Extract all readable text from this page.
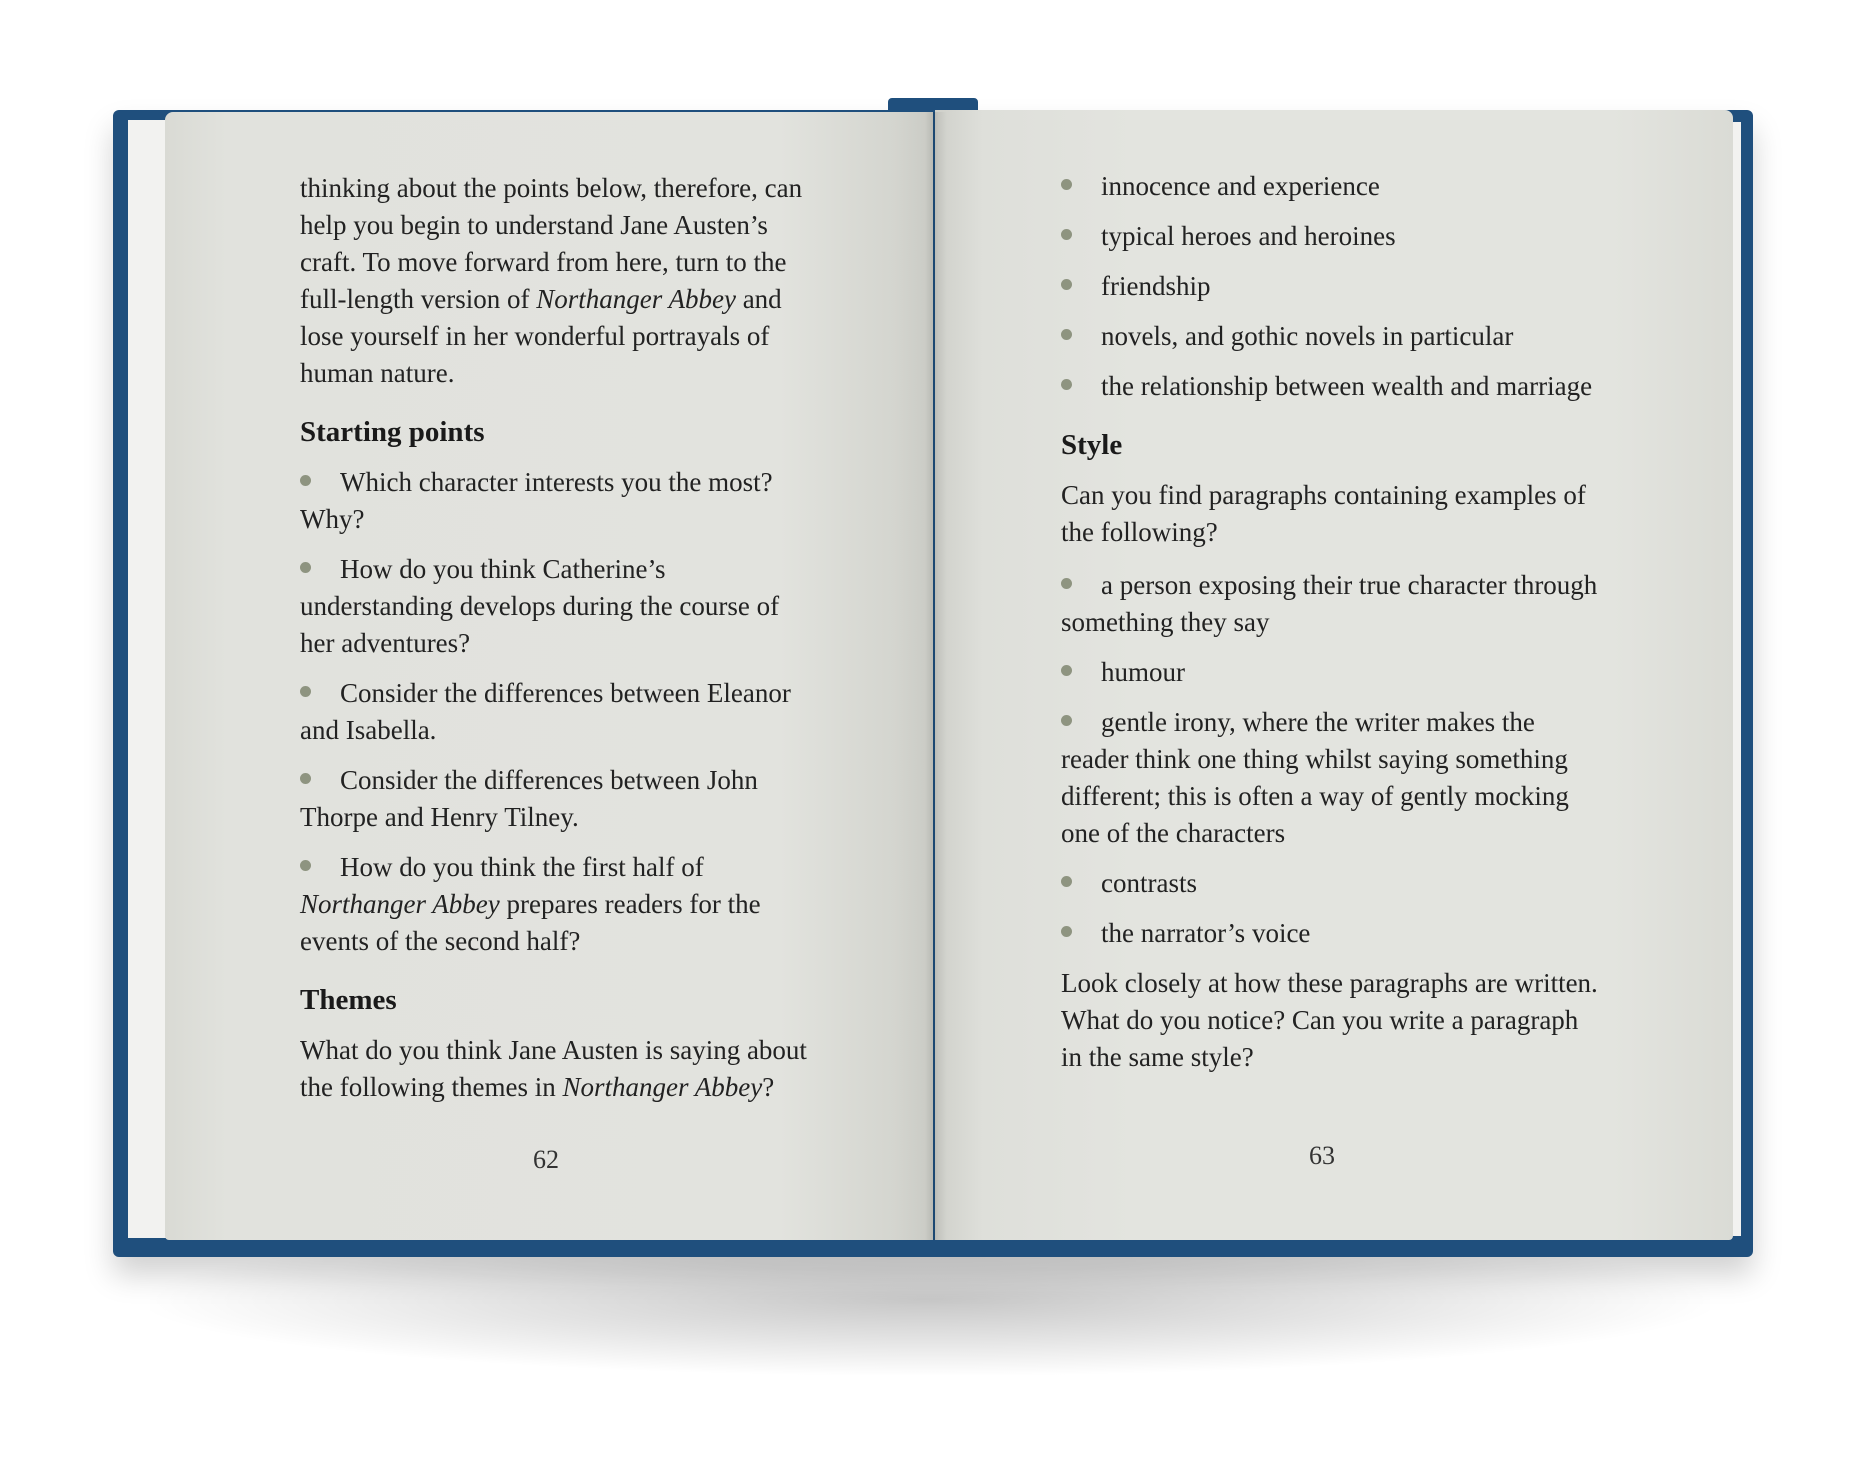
thinking about the points below, therefore, can help you begin to understand Jane Austen’s craft. To move forward from here, turn to the full-length version of Northanger Abbey and lose yourself in her wonderful portrayals of human nature.

Starting points
Which character interests you the most? Why?
How do you think Catherine’s understanding develops during the course of her adventures?
Consider the differences between Eleanor and Isabella.
Consider the differences between John Thorpe and Henry Tilney.
How do you think the first half of Northanger Abbey prepares readers for the events of the second half?
Themes

What do you think Jane Austen is saying about the following themes in Northanger Abbey?

62
innocence and experience
typical heroes and heroines
friendship
novels, and gothic novels in particular
the relationship between wealth and marriage
Style

Can you find paragraphs containing examples of the following?

a person exposing their true character through something they say
humour
gentle irony, where the writer makes the reader think one thing whilst saying something different; this is often a way of gently mocking one of the characters
contrasts
the narrator’s voice

Look closely at how these paragraphs are written. What do you notice? Can you write a paragraph in the same style?

63
